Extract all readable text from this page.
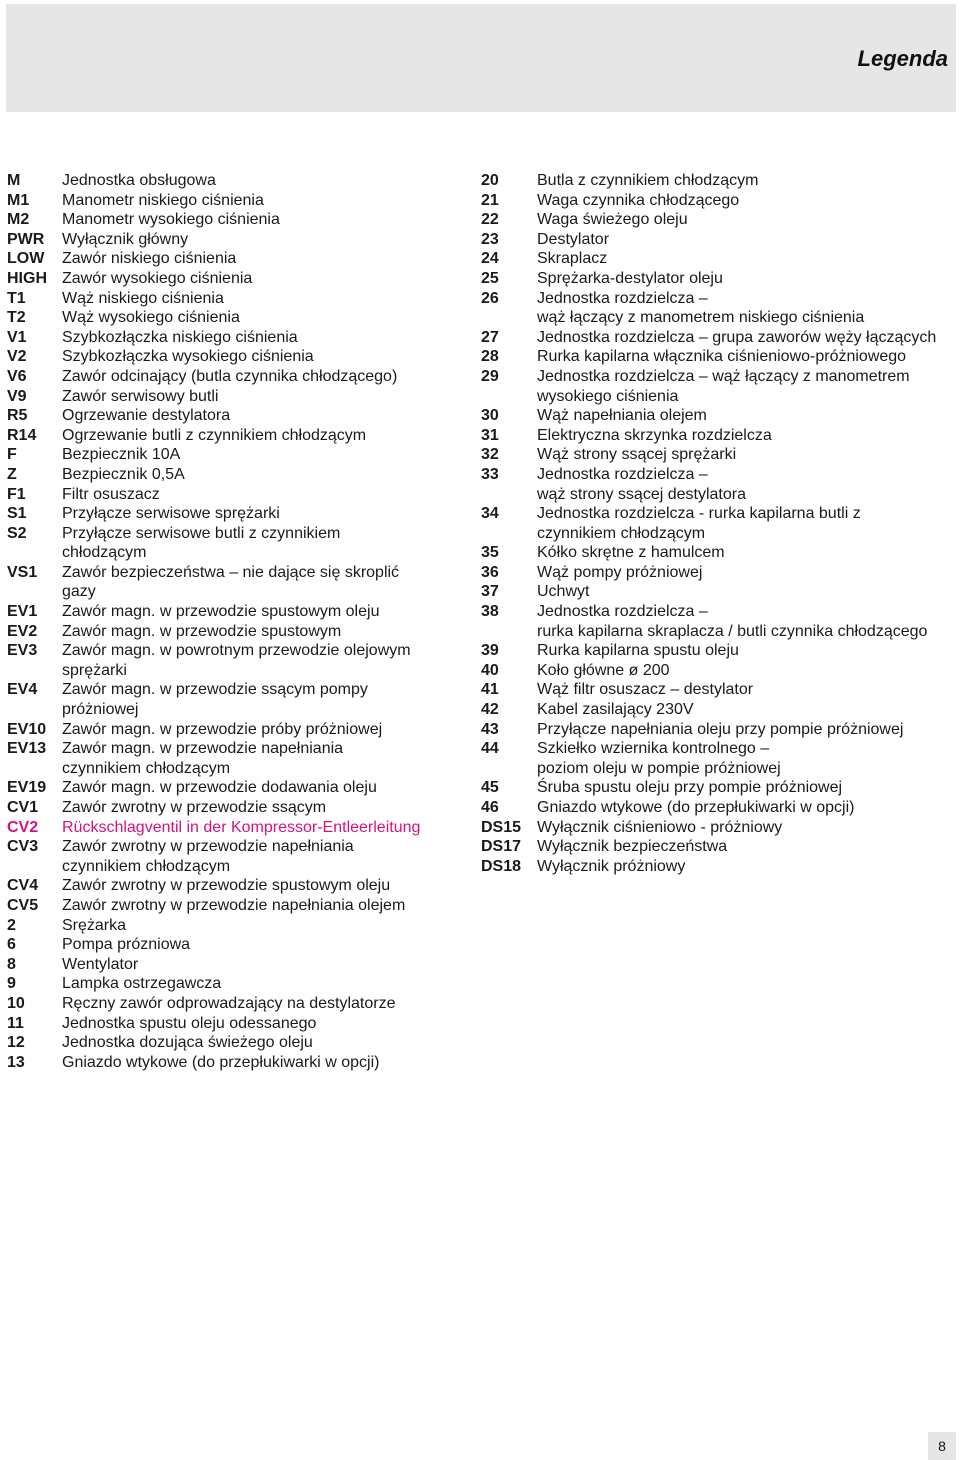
Legenda
M	Jednostka obsługowa
M1	Manometr niskiego ciśnienia
M2	Manometr wysokiego ciśnienia
PWR	Wyłącznik główny
LOW	Zawór niskiego ciśnienia
HIGH Zawór wysokiego ciśnienia
T1	Wąż niskiego ciśnienia
T2	Wąż wysokiego ciśnienia
V1	Szybkozłączka niskiego ciśnienia
V2	Szybkozłączka wysokiego ciśnienia
V6	Zawór odcinający (butla czynnika chłodzącego)
V9	Zawór serwisowy butli
R5	Ogrzewanie destylatora
R14	Ogrzewanie butli z czynnikiem chłodzącym
F	Bezpiecznik 10A
Z	Bezpiecznik 0,5A
F1	Filtr osuszacz
S1	Przyłącze serwisowe sprężarki
S2	Przyłącze serwisowe butli z czynnikiem
chłodzącym
VS1	Zawór bezpieczeństwa – nie dające się skroplić
gazy
EV1	Zawór magn. w przewodzie spustowym oleju
EV2	Zawór magn. w przewodzie spustowym
EV3	Zawór magn. w powrotnym przewodzie olejowym
sprężarki
EV4	Zawór magn. w przewodzie ssącym pompy
próżniowej
EV10 Zawór magn. w przewodzie próby próżniowej
EV13 Zawór magn. w przewodzie napełniania
czynnikiem chłodzącym
EV19 Zawór magn. w przewodzie dodawania oleju
CV1	Zawór zwrotny w przewodzie ssącym
CV2	Rückschlagventil in der Kompressor-Entleerleitung
CV3	Zawór zwrotny w przewodzie napełniania
czynnikiem chłodzącym
CV4	Zawór zwrotny w przewodzie spustowym oleju
CV5	Zawór zwrotny w przewodzie napełniania olejem
2	Srężarka
6	Pompa prózniowa
8	Wentylator
9	Lampka ostrzegawcza
10	Ręczny zawór odprowadzający na destylatorze
11	Jednostka spustu oleju odessanego
12	Jednostka dozująca świeżego oleju
13	Gniazdo wtykowe (do przepłukiwarki w opcji)
20	Butla z czynnikiem chłodzącym
21	Waga czynnika chłodzącego
22	Waga świeżego oleju
23	Destylator
24	Skraplacz
25	Sprężarka-destylator oleju
26	Jednostka rozdzielcza –
wąż łączący z manometrem niskiego ciśnienia
27	Jednostka rozdzielcza – grupa zaworów węży łączących
28	Rurka kapilarna włącznika ciśnieniowo-próżniowego
29	Jednostka rozdzielcza – wąż łączący z manometrem
wysokiego ciśnienia
30	Wąż napełniania olejem
31	Elektryczna skrzynka rozdzielcza
32	Wąż strony ssącej sprężarki
33	Jednostka rozdzielcza –
wąż strony ssącej destylatora
34	Jednostka rozdzielcza - rurka kapilarna butli z
czynnikiem chłodzącym
35	Kółko skrętne z hamulcem
36	Wąż pompy próżniowej
37	Uchwyt
38	Jednostka rozdzielcza –
rurka kapilarna skraplacza / butli czynnika chłodzącego
39	Rurka kapilarna spustu oleju
40	Koło główne ø 200
41	Wąż filtr osuszacz – destylator
42	Kabel zasilający 230V
43	Przyłącze napełniania oleju przy pompie próżniowej
44	Szkiełko wziernika kontrolnego –
poziom oleju w pompie próżniowej
45	Śruba spustu oleju przy pompie próżniowej
46	Gniazdo wtykowe (do przepłukiwarki w opcji)
DS15 Wyłącznik ciśnieniowo - próżniowy
DS17 Wyłącznik bezpieczeństwa
DS18 Wyłącznik próżniowy
8
